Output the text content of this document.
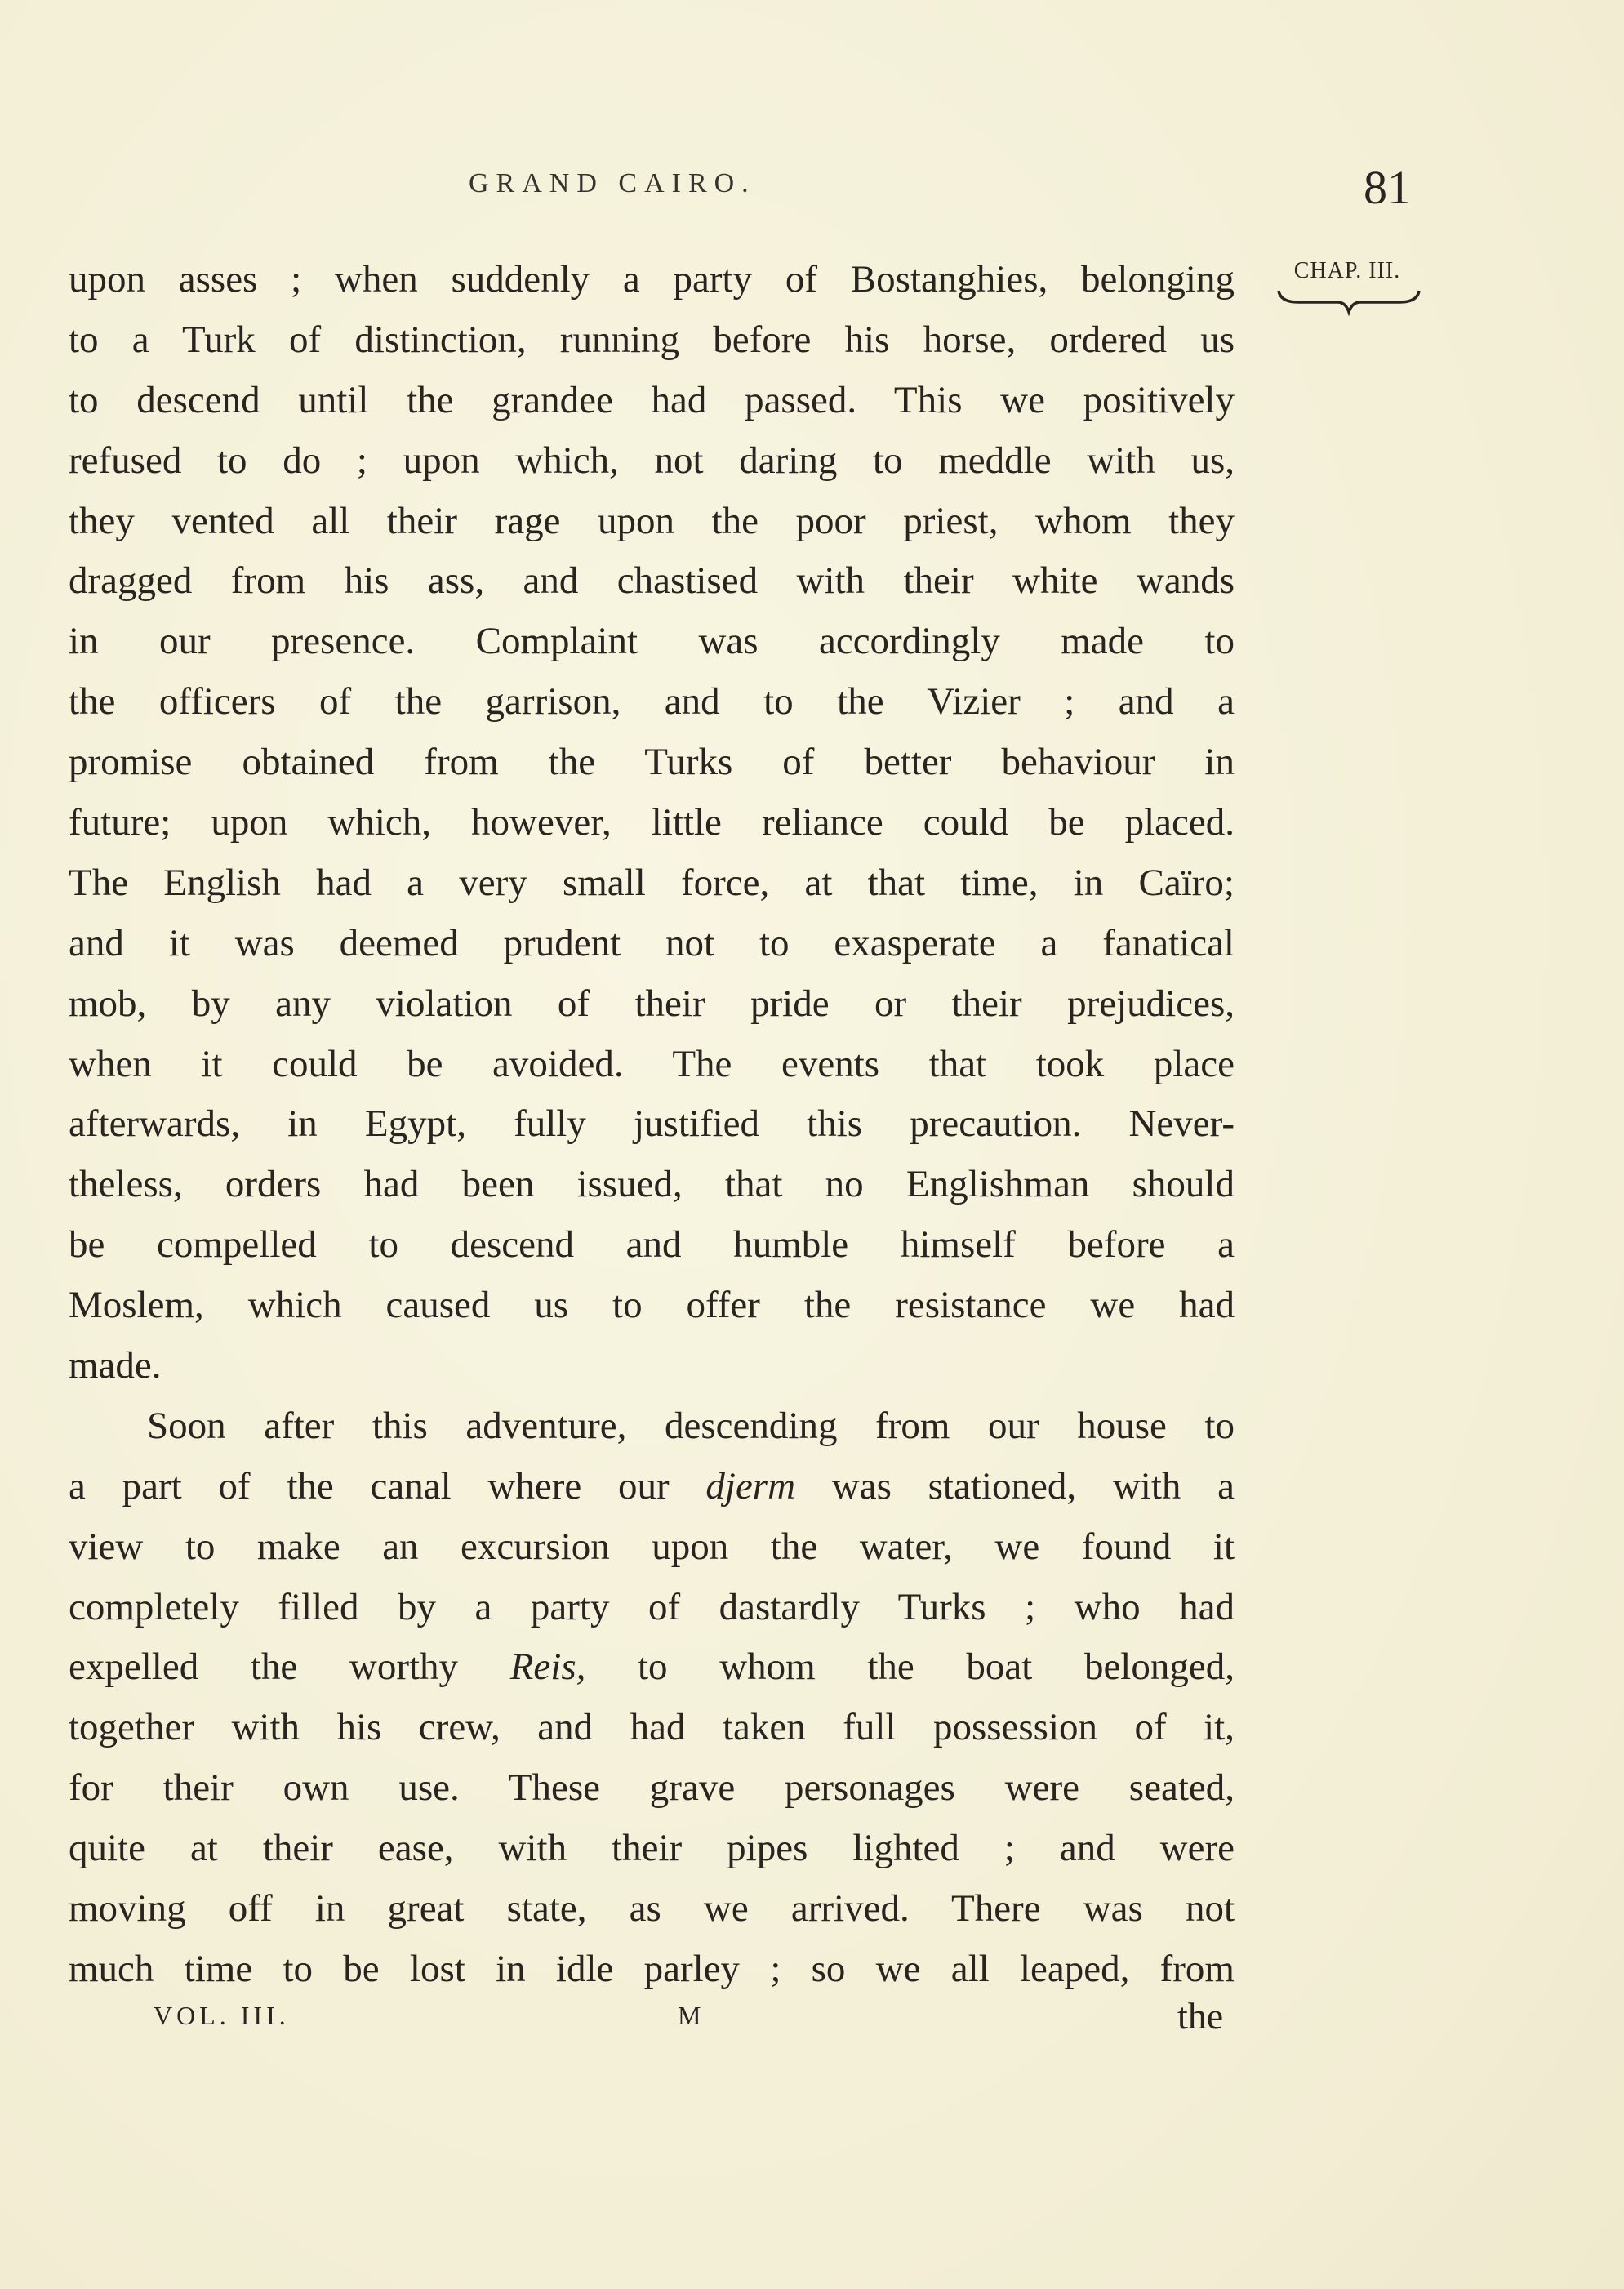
GRAND CAIRO.	81
CHAP. III.
upon asses ; when suddenly a party of Bostanghies, belonging
to a Turk of distinction, running before his horse, ordered us
to descend until the grandee had passed. This we positively
refused to do ; upon which, not daring to meddle with us,
they vented all their rage upon the poor priest, whom they
dragged from his ass, and chastised with their white wands
in our presence. Complaint was accordingly made to
the officers of the garrison, and to the Vizier ; and a
promise obtained from the Turks of better behaviour in
future; upon which, however, little reliance could be placed.
The English had a very small force, at that time, in Caïro;
and it was deemed prudent not to exasperate a fanatical
mob, by any violation of their pride or their prejudices,
when it could be avoided. The events that took place
afterwards, in Egypt, fully justified this precaution. Never-
theless, orders had been issued, that no Englishman should
be compelled to descend and humble himself before a
Moslem, which caused us to offer the resistance we had
made.
Soon after this adventure, descending from our house to
a part of the canal where our djerm was stationed, with a
view to make an excursion upon the water, we found it
completely filled by a party of dastardly Turks ; who had
expelled the worthy Reis, to whom the boat belonged,
together with his crew, and had taken full possession of it,
for their own use. These grave personages were seated,
quite at their ease, with their pipes lighted ; and were
moving off in great state, as we arrived. There was not
much time to be lost in idle parley ; so we all leaped, from
VOL. III.	M	the
